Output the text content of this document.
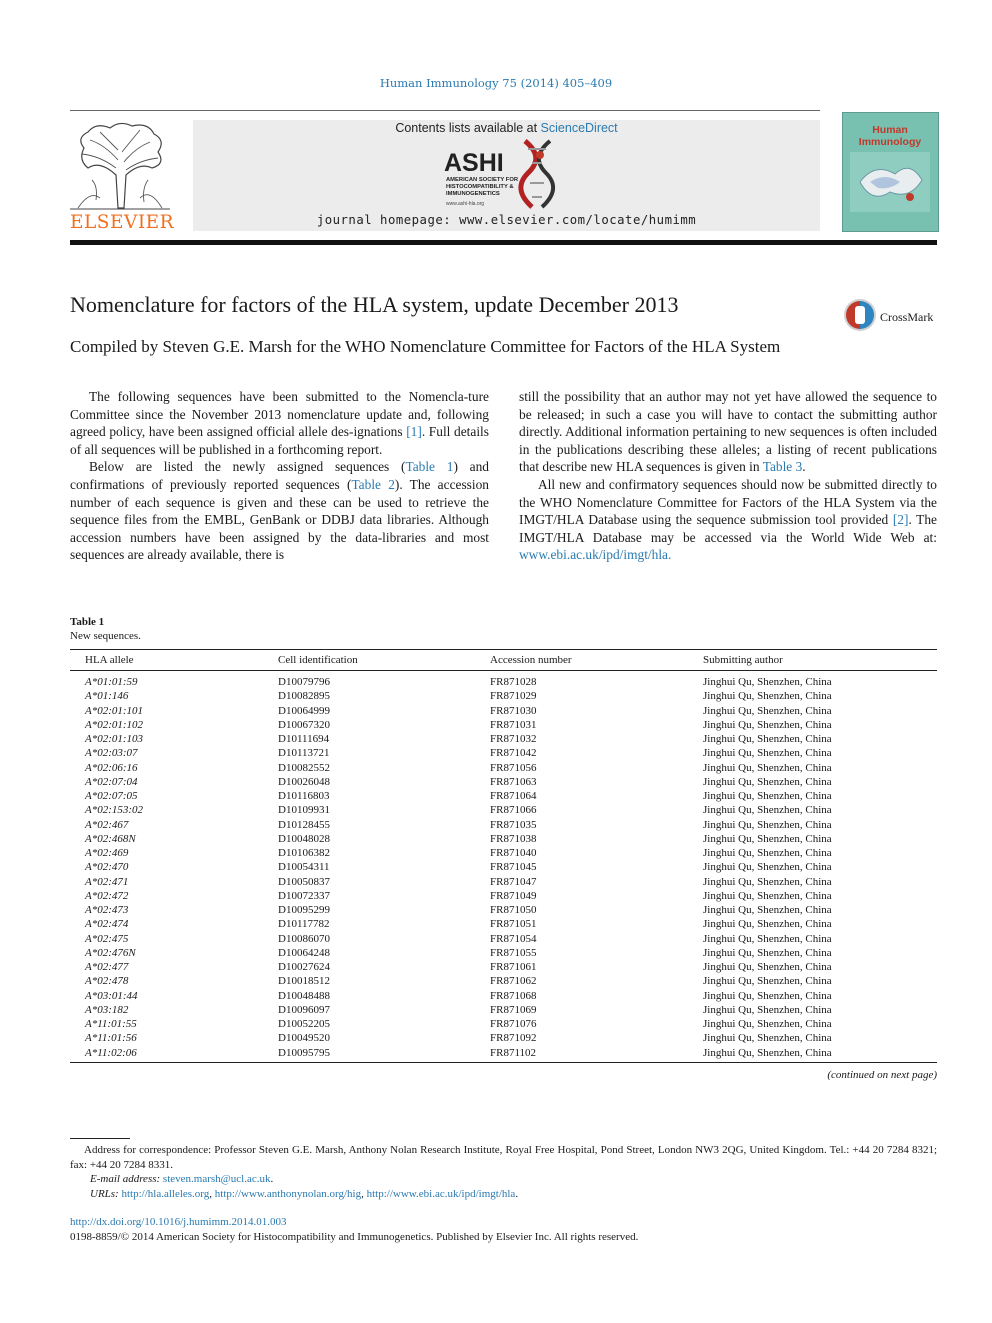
Human Immunology 75 (2014) 405–409
ELSEVIER
Contents lists available at ScienceDirect
ASHI
AMERICAN SOCIETY FOR
HISTOCOMPATIBILITY &
IMMUNOGENETICS
www.ashi-hla.org
journal homepage: www.elsevier.com/locate/humimm
Human
Immunology
Nomenclature for factors of the HLA system, update December 2013	CrossMark
Compiled by Steven G.E. Marsh for the WHO Nomenclature Committee for Factors of the HLA System

The following sequences have been submitted to the Nomencla-ture Committee since the November 2013 nomenclature update and, following agreed policy, have been assigned official allele des-ignations [1]. Full details of all sequences will be published in a forthcoming report.

Below are listed the newly assigned sequences (Table 1) and confirmations of previously reported sequences (Table 2). The accession number of each sequence is given and these can be used to retrieve the sequence files from the EMBL, GenBank or DDBJ data libraries. Although accession numbers have been assigned by the data-libraries and most sequences are already available, there is

still the possibility that an author may not yet have allowed the sequence to be released; in such a case you will have to contact the submitting author directly. Additional information pertaining to new sequences is often included in the publications describing these alleles; a listing of recent publications that describe new HLA sequences is given in Table 3.

All new and confirmatory sequences should now be submitted directly to the WHO Nomenclature Committee for Factors of the HLA System via the IMGT/HLA Database using the sequence submission tool provided [2]. The IMGT/HLA Database may be accessed via the World Wide Web at: www.ebi.ac.uk/ipd/imgt/hla.

Table 1
New sequences.
HLA allele	Cell identification	Accession number	Submitting author
A*01:01:59	D10079796	FR871028	Jinghui Qu, Shenzhen, China
A*01:146	D10082895	FR871029	Jinghui Qu, Shenzhen, China
A*02:01:101	D10064999	FR871030	Jinghui Qu, Shenzhen, China
A*02:01:102	D10067320	FR871031	Jinghui Qu, Shenzhen, China
A*02:01:103	D10111694	FR871032	Jinghui Qu, Shenzhen, China
A*02:03:07	D10113721	FR871042	Jinghui Qu, Shenzhen, China
A*02:06:16	D10082552	FR871056	Jinghui Qu, Shenzhen, China
A*02:07:04	D10026048	FR871063	Jinghui Qu, Shenzhen, China
A*02:07:05	D10116803	FR871064	Jinghui Qu, Shenzhen, China
A*02:153:02	D10109931	FR871066	Jinghui Qu, Shenzhen, China
A*02:467	D10128455	FR871035	Jinghui Qu, Shenzhen, China
A*02:468N	D10048028	FR871038	Jinghui Qu, Shenzhen, China
A*02:469	D10106382	FR871040	Jinghui Qu, Shenzhen, China
A*02:470	D10054311	FR871045	Jinghui Qu, Shenzhen, China
A*02:471	D10050837	FR871047	Jinghui Qu, Shenzhen, China
A*02:472	D10072337	FR871049	Jinghui Qu, Shenzhen, China
A*02:473	D10095299	FR871050	Jinghui Qu, Shenzhen, China
A*02:474	D10117782	FR871051	Jinghui Qu, Shenzhen, China
A*02:475	D10086070	FR871054	Jinghui Qu, Shenzhen, China
A*02:476N	D10064248	FR871055	Jinghui Qu, Shenzhen, China
A*02:477	D10027624	FR871061	Jinghui Qu, Shenzhen, China
A*02:478	D10018512	FR871062	Jinghui Qu, Shenzhen, China
A*03:01:44	D10048488	FR871068	Jinghui Qu, Shenzhen, China
A*03:182	D10096097	FR871069	Jinghui Qu, Shenzhen, China
A*11:01:55	D10052205	FR871076	Jinghui Qu, Shenzhen, China
A*11:01:56	D10049520	FR871092	Jinghui Qu, Shenzhen, China
A*11:02:06	D10095795	FR871102	Jinghui Qu, Shenzhen, China
(continued on next page)

Address for correspondence: Professor Steven G.E. Marsh, Anthony Nolan Research Institute, Royal Free Hospital, Pond Street, London NW3 2QG, United Kingdom. Tel.: +44 20 7284 8321; fax: +44 20 7284 8331.

E-mail address: steven.marsh@ucl.ac.uk.

URLs: http://hla.alleles.org, http://www.anthonynolan.org/hig, http://www.ebi.ac.uk/ipd/imgt/hla.

http://dx.doi.org/10.1016/j.humimm.2014.01.003
0198-8859/© 2014 American Society for Histocompatibility and Immunogenetics. Published by Elsevier Inc. All rights reserved.
